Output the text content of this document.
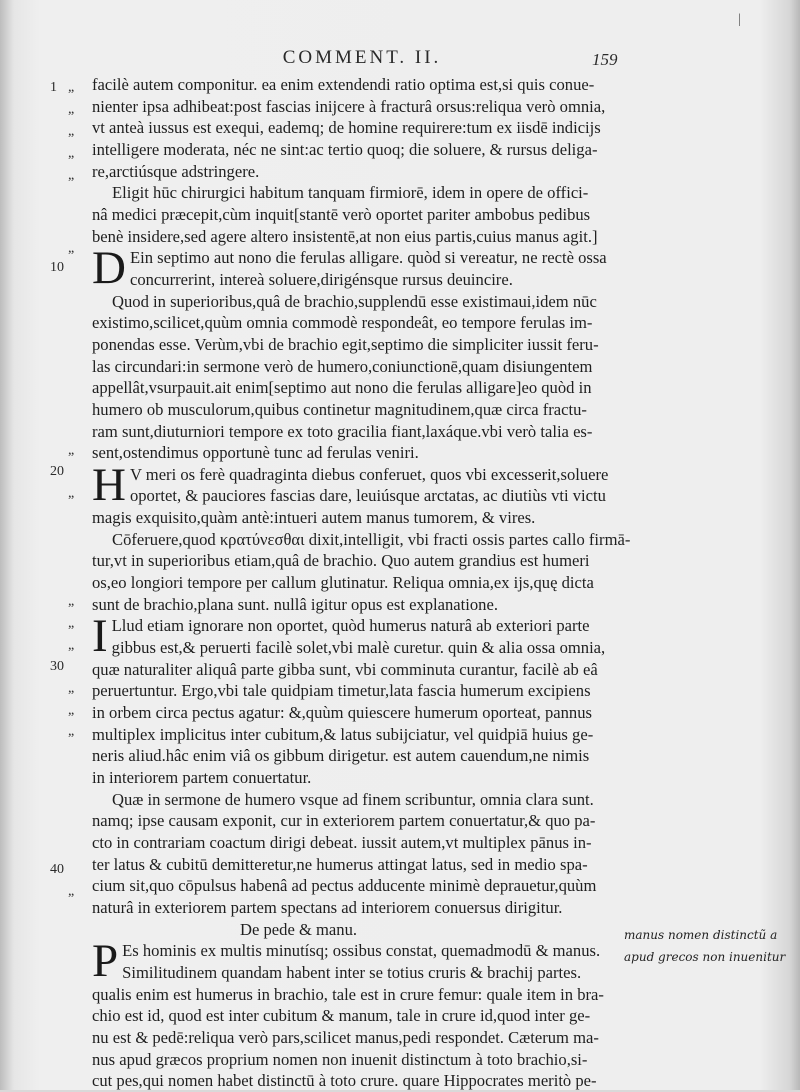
|
COMMENT. II.	159
1
10
20
30
40
„
„
„
„
„
„
„
„
„
„
„
„
„
„
„
manus nomen distinctũ a
apud grecos non inuenitur
facilè autem componitur. ea enim extendendi ratio optima est,si quis conue-
nienter ipsa adhibeat:post fascias inijcere à fracturâ orsus:reliqua verò omnia,
vt anteà iussus est exequi, eademq; de homine requirere:tum ex iisdē indicijs
intelligere moderata, néc ne sint:ac tertio quoq; die soluere, & rursus deliga-
re,arctiúsque adstringere.
Eligit hūc chirurgici habitum tanquam firmiorē, idem in opere de offici-
nâ medici præcepit,cùm inquit[stantē verò oportet pariter ambobus pedibus
benè insidere,sed agere altero insistentē,at non eius partis,cuius manus agit.]
D Ein septimo aut nono die ferulas alligare. quòd si vereatur, ne rectè ossa
concurrerint, intereà soluere,dirigénsque rursus deuincire.
Quod in superioribus,quâ de brachio,supplendū esse existimaui,idem nūc
existimo,scilicet,quùm omnia commodè respondeât, eo tempore ferulas im-
ponendas esse. Verùm,vbi de brachio egit,septimo die simpliciter iussit feru-
las circundari:in sermone verò de humero,coniunctionē,quam disiungentem
appellât,vsurpauit.ait enim[septimo aut nono die ferulas alligare]eo quòd in
humero ob musculorum,quibus continetur magnitudinem,quæ circa fractu-
ram sunt,diuturniori tempore ex toto gracilia fiant,laxáque.vbi verò talia es-
sent,ostendimus opportunè tunc ad ferulas veniri.
H V meri os ferè quadraginta diebus conferuet, quos vbi excesserit,soluere
oportet, & pauciores fascias dare, leuiúsque arctatas, ac diutiùs vti victu
magis exquisito,quàm antè:intueri autem manus tumorem, & vires.
Cōferuere,quod κρατύνεσθαι dixit,intelligit, vbi fracti ossis partes callo firmā-
tur,vt in superioribus etiam,quâ de brachio. Quo autem grandius est humeri
os,eo longiori tempore per callum glutinatur. Reliqua omnia,ex ijs,quę dicta
sunt de brachio,plana sunt. nullâ igitur opus est explanatione.
I Llud etiam ignorare non oportet, quòd humerus naturâ ab exteriori parte
gibbus est,& peruerti facilè solet,vbi malè curetur. quin & alia ossa omnia,
quæ naturaliter aliquâ parte gibba sunt, vbi comminuta curantur, facilè ab eâ
peruertuntur. Ergo,vbi tale quidpiam timetur,lata fascia humerum excipiens
in orbem circa pectus agatur: &,quùm quiescere humerum oporteat, pannus
multiplex implicitus inter cubitum,& latus subijciatur, vel quidpiā huius ge-
neris aliud.hâc enim viâ os gibbum dirigetur. est autem cauendum,ne nimis
in interiorem partem conuertatur.
Quæ in sermone de humero vsque ad finem scribuntur, omnia clara sunt.
namq; ipse causam exponit, cur in exteriorem partem conuertatur,& quo pa-
cto in contrariam coactum dirigi debeat. iussit autem,vt multiplex pānus in-
ter latus & cubitū demitteretur,ne humerus attingat latus, sed in medio spa-
cium sit,quo cōpulsus habenâ ad pectus adducente minimè deprauetur,quùm
naturâ in exteriorem partem spectans ad interiorem conuersus dirigitur.
De pede & manu.
P Es hominis ex multis minutísq; ossibus constat, quemadmodū & manus.
Similitudinem quandam habent inter se totius cruris & brachij partes.
qualis enim est humerus in brachio, tale est in crure femur: quale item in bra-
chio est id, quod est inter cubitum & manum, tale in crure id,quod inter ge-
nu est & pedē:reliqua verò pars,scilicet manus,pedi respondet. Cæterum ma-
nus apud græcos proprium nomen non inuenit distinctum à toto brachio,si-
cut pes,qui nomen habet distinctū à toto crure. quare Hippocrates meritò pe-
